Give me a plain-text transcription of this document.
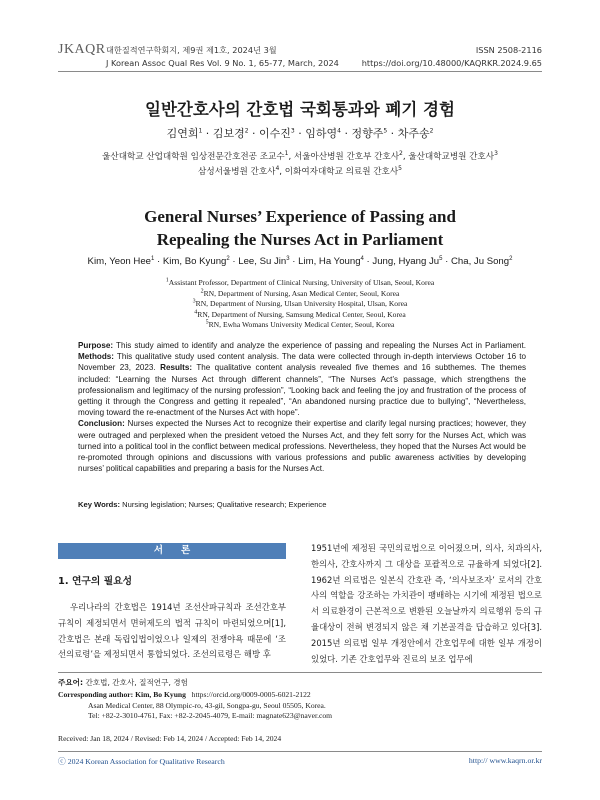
JKAQR 대한질적연구학회지, 제9권 제1호, 2024년 3월
J Korean Assoc Qual Res Vol. 9 No. 1, 65-77, March, 2024
ISSN 2508-2116
https://doi.org/10.48000/KAQRKR.2024.9.65
일반간호사의 간호법 국회통과와 폐기 경험
김연희$^1$ · 김보경$^2$ · 이수진$^3$ · 임하영$^4$ · 정향주$^5$ · 차주송$^2$
울산대학교 산업대학원 임상전문간호전공 조교수$^1$, 서울아산병원 간호부 간호사$^2$, 울산대학교병원 간호사$^3$
삼성서울병원 간호사$^4$, 이화여자대학교 의료원 간호사$^5$
General Nurses’ Experience of Passing and
Repealing the Nurses Act in Parliament
Kim, Yeon Hee$^1$ · Kim, Bo Kyung$^2$ · Lee, Su Jin$^3$ · Lim, Ha Young$^4$ · Jung, Hyang $Ju^5$ · Cha, Ju Song$^2$
$^1$Assistant Professor, Department of Clinical Nursing, University of Ulsan, Seoul, Korea
$^2$RN, Department of Nursing, Asan Medical Center, Seoul, Korea
$^3$RN, Department of Nursing, Ulsan University Hospital, Ulsan, Korea
$^4$RN, Department of Nursing, Samsung Medical Center, Seoul, Korea
$^5$RN, Ewha Womans University Medical Center, Seoul, Korea
Purpose: This study aimed to identify and analyze the experience of passing and repealing the Nurses Act in Parliament. Methods: This qualitative study used content analysis. The data were collected through in-depth interviews October 16 to November 23, 2023. Results: The qualitative content analysis revealed five themes and 16 subthemes. The themes included: “Learning the Nurses Act through different channels”, “The Nurses Act’s passage, which strengthens the professionalism and legitimacy of the nursing profession”, “Looking back and feeling the joy and frustration of the process of getting it through the Congress and getting it repealed”, “An abandoned nursing practice due to bullying”, “Nevertheless, moving toward the re-enactment of the Nurses Act with hope”.
Conclusion: Nurses expected the Nurses Act to recognize their expertise and clarify legal nursing practices; however, they were outraged and perplexed when the president vetoed the Nurses Act, and they felt sorry for the Nurses Act, which was turned into a political tool in the conflict between medical professions. Nevertheless, they hoped that the Nurses Act would be re-promoted through opinions and discussions with various professions and public awareness activities by developing nurses’ political capabilities and preparing a basis for the Nurses Act.
Key Words: Nursing legislation; Nurses; Qualitative research; Experience
서론
1. 연구의 필요성
우리나라의 간호법은 1914년 조선산파규칙과 조선간호부규칙이 제정되면서 면허제도의 법적 규칙이 마련되었으며[1], 간호법은 본래 독립입법이었으나 일제의 전쟁야욕 때문에 ‘조선의료령’을 제정되면서 통합되었다. 조선의료령은 해방 후
1951년에 제정된 국민의료법으로 이어졌으며, 의사, 치과의사, 한의사, 간호사까지 그 대상을 포괄적으로 규율하게 되었다[2]. 1962년 의료법은 일본식 간호관 즉, ‘의사보조자’ 로서의 간호사의 역할을 강조하는 가치관이 팽배하는 시기에 제정된 법으로서 의료환경이 근본적으로 변환된 오늘날까지 의료행위 등의 규율대상이 전혀 변경되지 않은 채 기본골격을 답습하고 있다[3]. 2015년 의료법 일부 개정안에서 간호업무에 대한 일부 개정이 있었다. 기존 간호업무와 진료의 보조 업무에
주요어: 간호법, 간호사, 질적연구, 경험
Corresponding author: Kim, Bo Kyung https://orcid.org/0009-0005-6021-2122
Asan Medical Center, 88 Olympic-ro, 43-gil, Songpa-gu, Seoul 05505, Korea.
Tel: +82-2-3010-4761, Fax: +82-2-2045-4079, E-mail: magnate623@naver.com
Received: Jan 18, 2024 / Revised: Feb 14, 2024 / Accepted: Feb 14, 2024
ⓒ 2024 Korean Association for Qualitative Research	http:// www.kaqrn.or.kr
